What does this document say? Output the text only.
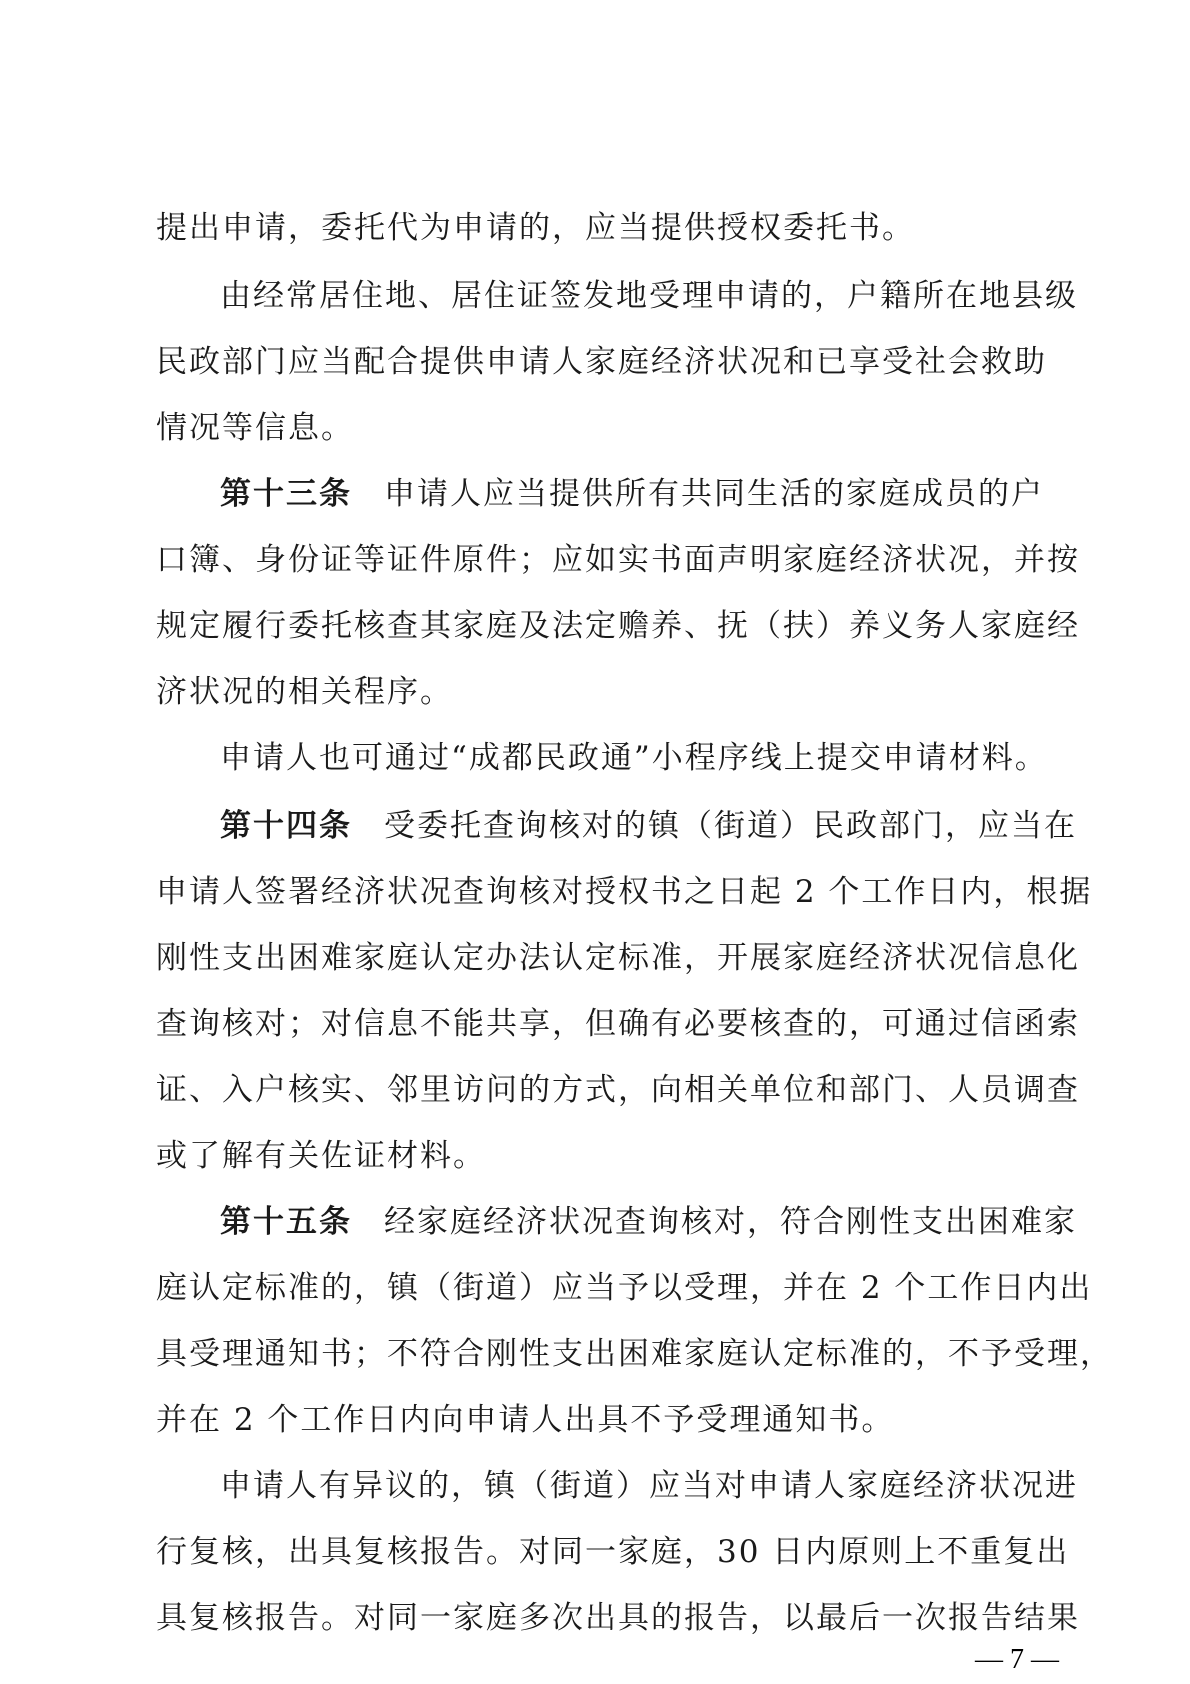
提出申请，委托代为申请的，应当提供授权委托书。
由经常居住地、居住证签发地受理申请的，户籍所在地县级
民政部门应当配合提供申请人家庭经济状况和已享受社会救助
情况等信息。
第十三条 申请人应当提供所有共同生活的家庭成员的户
口簿、身份证等证件原件；应如实书面声明家庭经济状况，并按
规定履行委托核查其家庭及法定赡养、抚（扶）养义务人家庭经
济状况的相关程序。
申请人也可通过“成都民政通”小程序线上提交申请材料。
第十四条 受委托查询核对的镇（街道）民政部门，应当在
申请人签署经济状况查询核对授权书之日起 2 个工作日内，根据
刚性支出困难家庭认定办法认定标准，开展家庭经济状况信息化
查询核对；对信息不能共享，但确有必要核查的，可通过信函索
证、入户核实、邻里访问的方式，向相关单位和部门、人员调查
或了解有关佐证材料。
第十五条 经家庭经济状况查询核对，符合刚性支出困难家
庭认定标准的，镇（街道）应当予以受理，并在 2 个工作日内出
具受理通知书；不符合刚性支出困难家庭认定标准的，不予受理，
并在 2 个工作日内向申请人出具不予受理通知书。
申请人有异议的，镇（街道）应当对申请人家庭经济状况进
行复核，出具复核报告。对同一家庭，30 日内原则上不重复出
具复核报告。对同一家庭多次出具的报告，以最后一次报告结果
— 7 —
